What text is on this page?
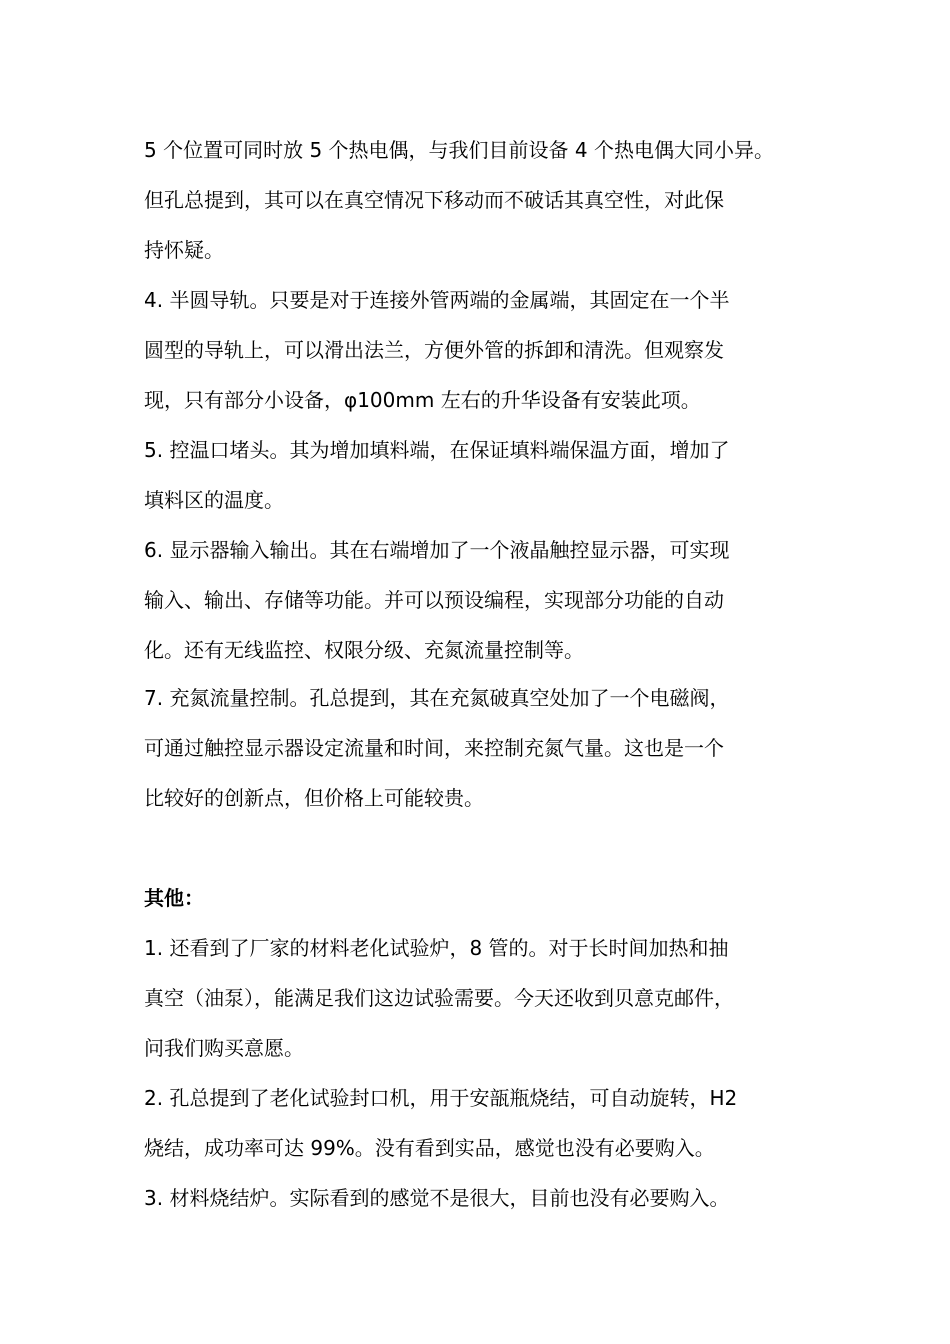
5 个位置可同时放 5 个热电偶，与我们目前设备 4 个热电偶大同小异。
但孔总提到，其可以在真空情况下移动而不破话其真空性，对此保
持怀疑。
4. 半圆导轨。只要是对于连接外管两端的金属端，其固定在一个半
圆型的导轨上，可以滑出法兰，方便外管的拆卸和清洗。但观察发
现，只有部分小设备，φ100mm 左右的升华设备有安装此项。
5. 控温口堵头。其为增加填料端，在保证填料端保温方面，增加了
填料区的温度。
6. 显示器输入输出。其在右端增加了一个液晶触控显示器，可实现
输入、输出、存储等功能。并可以预设编程，实现部分功能的自动
化。还有无线监控、权限分级、充氮流量控制等。
7. 充氮流量控制。孔总提到，其在充氮破真空处加了一个电磁阀，
可通过触控显示器设定流量和时间，来控制充氮气量。这也是一个
比较好的创新点，但价格上可能较贵。
其他：
1. 还看到了厂家的材料老化试验炉，8 管的。对于长时间加热和抽
真空（油泵），能满足我们这边试验需要。今天还收到贝意克邮件，
问我们购买意愿。
2. 孔总提到了老化试验封口机，用于安瓿瓶烧结，可自动旋转，H2
烧结，成功率可达 99%。没有看到实品，感觉也没有必要购入。
3. 材料烧结炉。实际看到的感觉不是很大，目前也没有必要购入。
